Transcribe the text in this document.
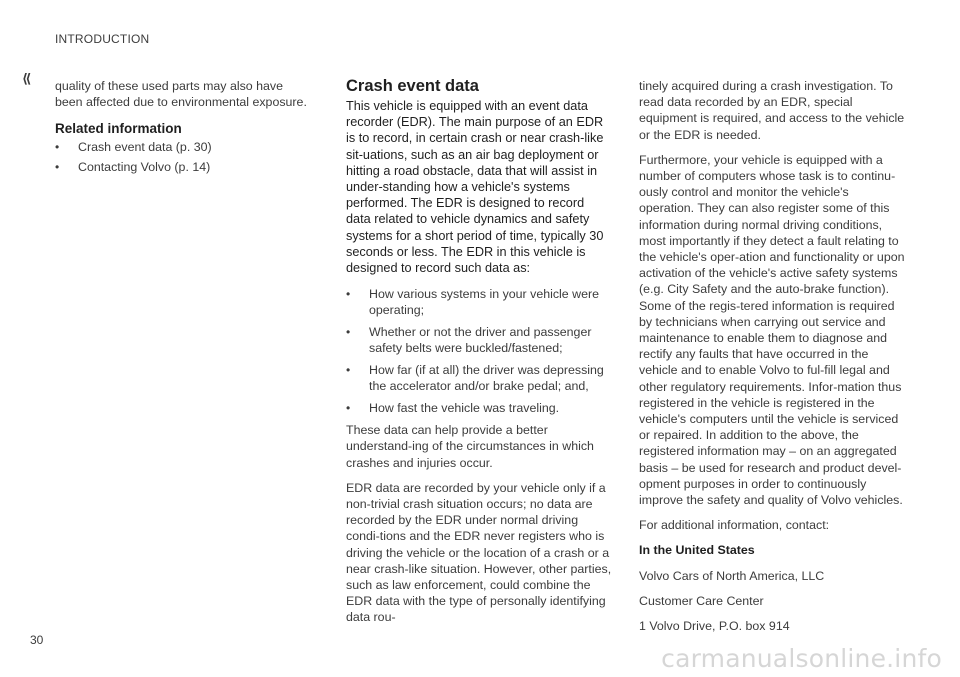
INTRODUCTION
⟪ quality of these used parts may also have been affected due to environmental exposure.

Related information
• Crash event data (p. 30)
• Contacting Volvo (p. 14)
Crash event data

This vehicle is equipped with an event data recorder (EDR). The main purpose of an EDR is to record, in certain crash or near crash-like sit-uations, such as an air bag deployment or hitting a road obstacle, data that will assist in under-standing how a vehicle's systems performed. The EDR is designed to record data related to vehicle dynamics and safety systems for a short period of time, typically 30 seconds or less. The EDR in this vehicle is designed to record such data as:

• How various systems in your vehicle were operating;
• Whether or not the driver and passenger safety belts were buckled/fastened;
• How far (if at all) the driver was depressing the accelerator and/or brake pedal; and,
• How fast the vehicle was traveling.

These data can help provide a better understand-ing of the circumstances in which crashes and injuries occur.

EDR data are recorded by your vehicle only if a non-trivial crash situation occurs; no data are recorded by the EDR under normal driving condi-tions and the EDR never registers who is driving the vehicle or the location of a crash or a near crash-like situation. However, other parties, such as law enforcement, could combine the EDR data with the type of personally identifying data rou-

tinely acquired during a crash investigation. To read data recorded by an EDR, special equipment is required, and access to the vehicle or the EDR is needed.

Furthermore, your vehicle is equipped with a number of computers whose task is to continu-ously control and monitor the vehicle's operation. They can also register some of this information during normal driving conditions, most importantly if they detect a fault relating to the vehicle's oper-ation and functionality or upon activation of the vehicle's active safety systems (e.g. City Safety and the auto-brake function). Some of the regis-tered information is required by technicians when carrying out service and maintenance to enable them to diagnose and rectify any faults that have occurred in the vehicle and to enable Volvo to ful-fill legal and other regulatory requirements. Infor-mation thus registered in the vehicle is registered in the vehicle's computers until the vehicle is serviced or repaired. In addition to the above, the registered information may – on an aggregated basis – be used for research and product devel-opment purposes in order to continuously improve the safety and quality of Volvo vehicles.

For additional information, contact:

In the United States

Volvo Cars of North America, LLC

Customer Care Center

1 Volvo Drive, P.O. box 914

30
carmanualsonline.info
